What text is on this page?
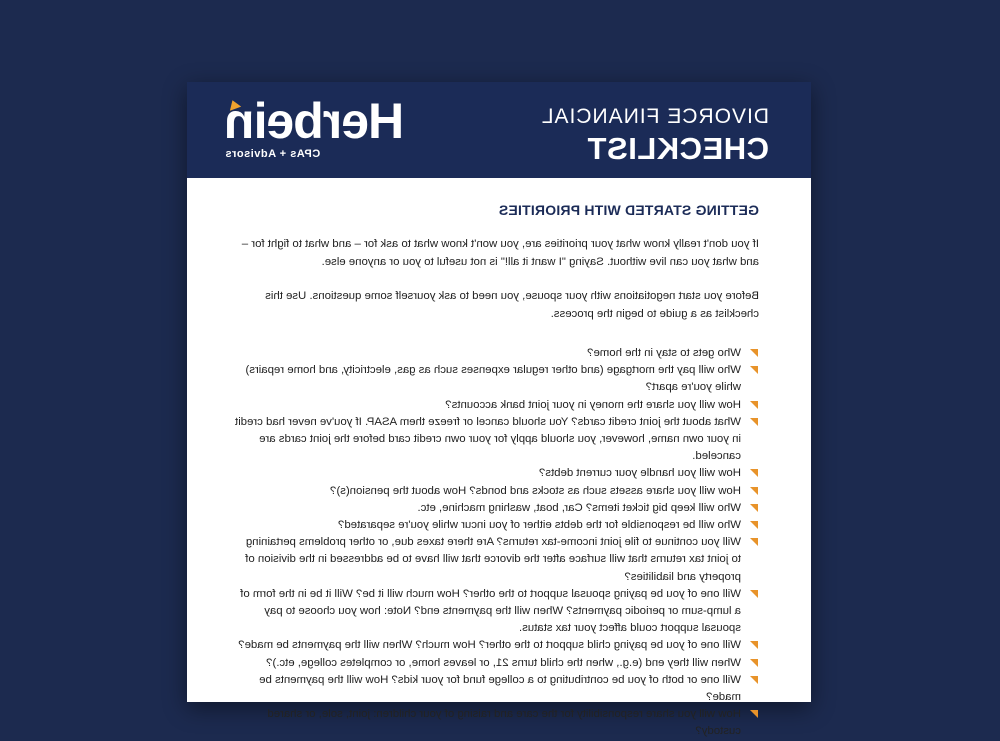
DIVORCE FINANCIAL
CHECKLIST
Herbein
CPAs + Advisors
GETTING STARTED WITH PRIORITIES

If you don't really know what your priorities are, you won't know what to ask for – and what to fight for – and what you can live without. Saying "I want it all!" is not useful to you or anyone else.

Before you start negotiations with your spouse, you need to ask yourself some questions. Use this checklist as a guide to begin the process.

Who gets to stay in the home?
Who will pay the mortgage (and other regular expenses such as gas, electricity, and home repairs) while you're apart?
How will you share the money in your joint bank accounts?
What about the joint credit cards? You should cancel or freeze them ASAP. If you've never had credit in your own name, however, you should apply for your own credit card before the joint cards are canceled.
How will you handle your current debts?
How will you share assets such as stocks and bonds? How about the pension(s)?
Who will keep big ticket items? Car, boat, washing machine, etc.
Who will be responsible for the debts either of you incur while you're separated?
Will you continue to file joint income-tax returns? Are there taxes due, or other problems pertaining to joint tax returns that will surface after the divorce that will have to be addressed in the division of property and liabilities?
Will one of you be paying spousal support to the other? How much will it be? Will it be in the form of a lump-sum or periodic payments? When will the payments end? Note: how you choose to pay spousal support could affect your tax status.
Will one of you be paying child support to the other? How much? When will the payments be made?
When will they end (e.g., when the child turns 21, or leaves home, or completes college, etc.)?
Will one or both of you be contributing to a college fund for your kids? How will the payments be made?
How will you share responsibility for the care and raising of your children: joint, sole, or shared custody?
